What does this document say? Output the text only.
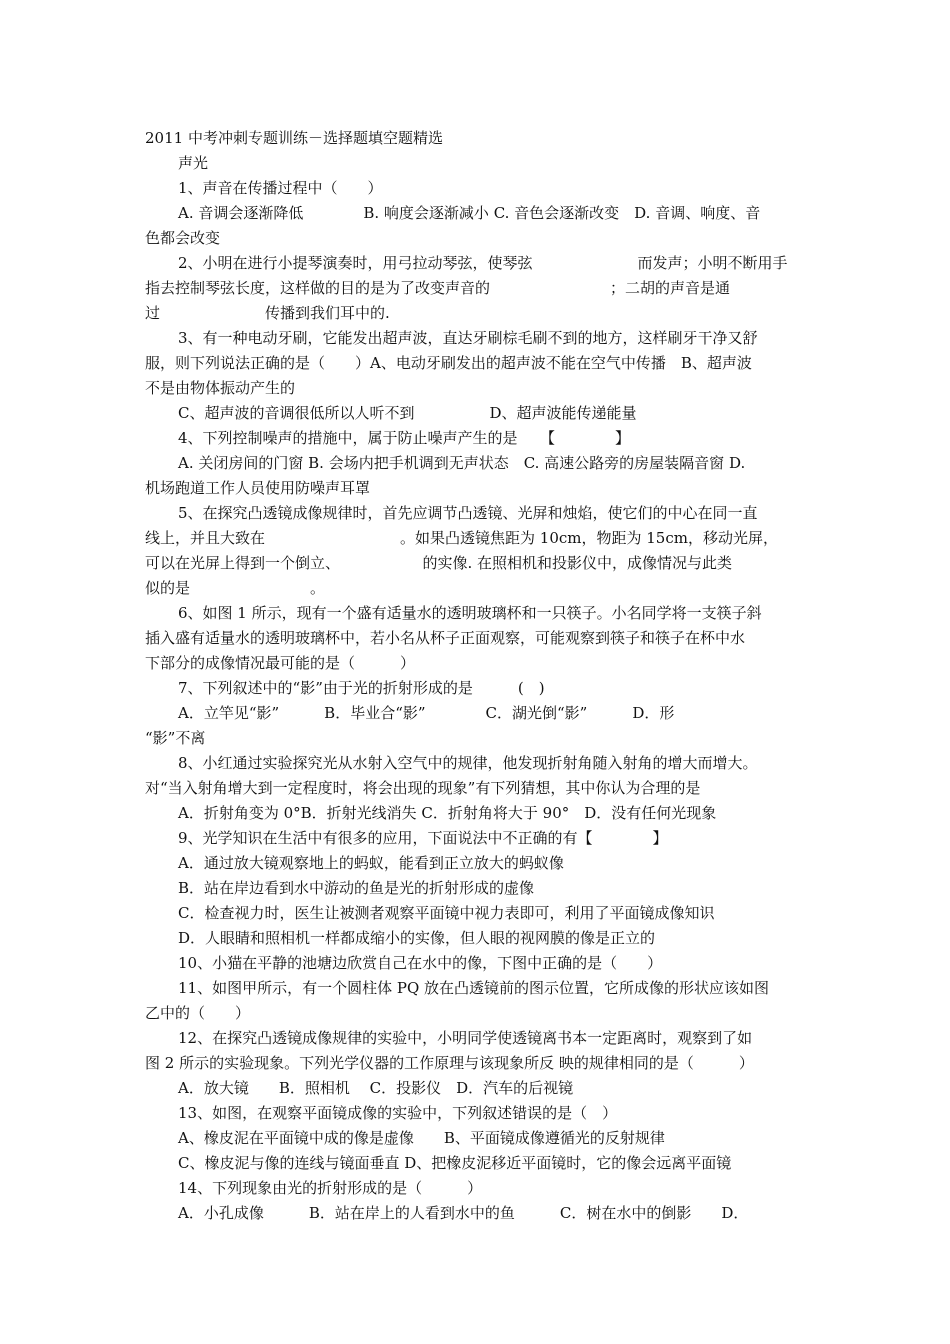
2011 中考冲刺专题训练－选择题填空题精选
声光
1、声音在传播过程中（　　）
A. 音调会逐渐降低　　　　B. 响度会逐渐减小 C. 音色会逐渐改变　D. 音调、响度、音
色都会改变
2、小明在进行小提琴演奏时，用弓拉动琴弦，使琴弦　　　　　　　而发声；小明不断用手
指去控制琴弦长度，这样做的目的是为了改变声音的　　　　　　　　；二胡的声音是通
过　　　　　　　传播到我们耳中的.
3、有一种电动牙刷，它能发出超声波，直达牙刷棕毛刷不到的地方，这样刷牙干净又舒
服，则下列说法正确的是（　　）A、电动牙刷发出的超声波不能在空气中传播　B、超声波
不是由物体振动产生的
C、超声波的音调很低所以人听不到　　　　　D、超声波能传递能量
4、下列控制噪声的措施中，属于防止噪声产生的是　　【　　　　】
A. 关闭房间的门窗 B. 会场内把手机调到无声状态　C. 高速公路旁的房屋装隔音窗 D.
机场跑道工作人员使用防噪声耳罩
5、在探究凸透镜成像规律时，首先应调节凸透镜、光屏和烛焰，使它们的中心在同一直
线上，并且大致在　　　　　　　　　。如果凸透镜焦距为 10cm，物距为 15cm，移动光屏，
可以在光屏上得到一个倒立、　　　　　　的实像. 在照相机和投影仪中，成像情况与此类
似的是　　　　　　　　。
6、如图 1 所示，现有一个盛有适量水的透明玻璃杯和一只筷子。小名同学将一支筷子斜
插入盛有适量水的透明玻璃杯中，若小名从杯子正面观察，可能观察到筷子和筷子在杯中水
下部分的成像情况最可能的是（　　　）
7、下列叙述中的“影”由于光的折射形成的是　　　(　)
A．立竿见“影”　　　B．毕业合“影”　　　　C．湖光倒“影”　　　D．形
“影”不离
8、小红通过实验探究光从水射入空气中的规律，他发现折射角随入射角的增大而增大。
对“当入射角增大到一定程度时，将会出现的现象”有下列猜想，其中你认为合理的是
A．折射角变为 0°B．折射光线消失 C．折射角将大于 90°　D．没有任何光现象
9、光学知识在生活中有很多的应用，下面说法中不正确的有【　　　　】
A．通过放大镜观察地上的蚂蚁，能看到正立放大的蚂蚁像
B．站在岸边看到水中游动的鱼是光的折射形成的虚像
C．检查视力时，医生让被测者观察平面镜中视力表即可，利用了平面镜成像知识
D．人眼睛和照相机一样都成缩小的实像，但人眼的视网膜的像是正立的
10、小猫在平静的池塘边欣赏自己在水中的像，下图中正确的是（　　）
11、如图甲所示，有一个圆柱体 PQ 放在凸透镜前的图示位置，它所成像的形状应该如图
乙中的（　　）
12、在探究凸透镜成像规律的实验中，小明同学使透镜离书本一定距离时，观察到了如
图 2 所示的实验现象。下列光学仪器的工作原理与该现象所反 映的规律相同的是（　　　）
A．放大镜　　B．照相机　 C．投影仪　D．汽车的后视镜
13、如图，在观察平面镜成像的实验中，下列叙述错误的是（　）
A、橡皮泥在平面镜中成的像是虚像　　B、平面镜成像遵循光的反射规律
C、橡皮泥与像的连线与镜面垂直 D、把橡皮泥移近平面镜时，它的像会远离平面镜
14、下列现象由光的折射形成的是（　　　）
A．小孔成像　　　B．站在岸上的人看到水中的鱼　　　C．树在水中的倒影　　D．
